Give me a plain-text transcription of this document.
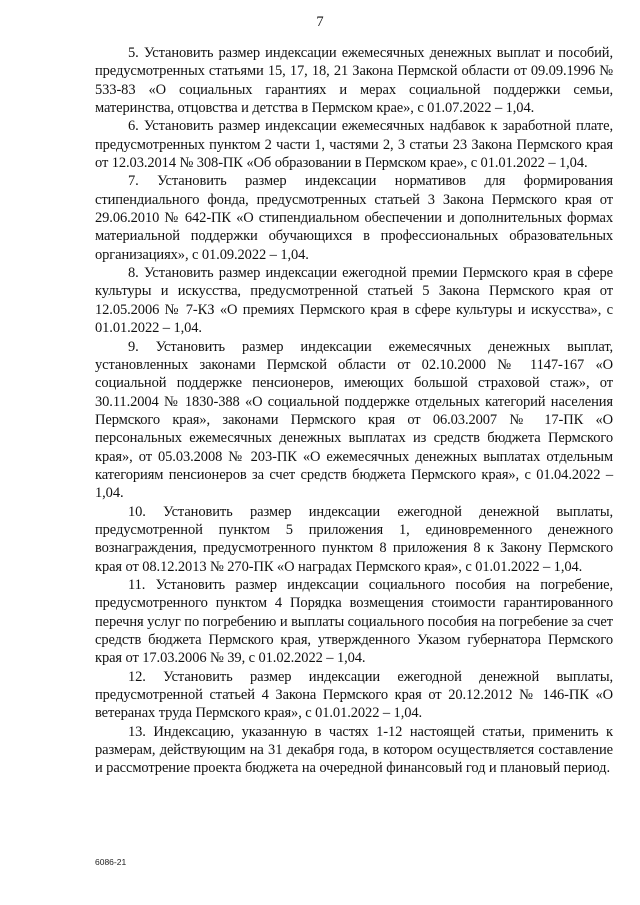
7

5. Установить размер индексации ежемесячных денежных выплат и пособий, предусмотренных статьями 15, 17, 18, 21 Закона Пермской области от 09.09.1996 № 533-83 «О социальных гарантиях и мерах социальной поддержки семьи, материнства, отцовства и детства в Пермском крае», с 01.07.2022 – 1,04.

6. Установить размер индексации ежемесячных надбавок к заработной плате, предусмотренных пунктом 2 части 1, частями 2, 3 статьи 23 Закона Пермского края от 12.03.2014 № 308-ПК «Об образовании в Пермском крае», с 01.01.2022 – 1,04.

7. Установить размер индексации нормативов для формирования стипендиального фонда, предусмотренных статьей 3 Закона Пермского края от 29.06.2010 № 642-ПК «О стипендиальном обеспечении и дополнительных формах материальной поддержки обучающихся в профессиональных образовательных организациях», с 01.09.2022 – 1,04.

8. Установить размер индексации ежегодной премии Пермского края в сфере культуры и искусства, предусмотренной статьей 5 Закона Пермского края от 12.05.2006 № 7-КЗ «О премиях Пермского края в сфере культуры и искусства», с 01.01.2022 – 1,04.

9. Установить размер индексации ежемесячных денежных выплат, установленных законами Пермской области от 02.10.2000 № 1147-167 «О социальной поддержке пенсионеров, имеющих большой страховой стаж», от 30.11.2004 № 1830-388 «О социальной поддержке отдельных категорий населения Пермского края», законами Пермского края от 06.03.2007 № 17-ПК «О персональных ежемесячных денежных выплатах из средств бюджета Пермского края», от 05.03.2008 № 203-ПК «О ежемесячных денежных выплатах отдельным категориям пенсионеров за счет средств бюджета Пермского края», с 01.04.2022 – 1,04.

10. Установить размер индексации ежегодной денежной выплаты, предусмотренной пунктом 5 приложения 1, единовременного денежного вознаграждения, предусмотренного пунктом 8 приложения 8 к Закону Пермского края от 08.12.2013 № 270-ПК «О наградах Пермского края», с 01.01.2022 – 1,04.

11. Установить размер индексации социального пособия на погребение, предусмотренного пунктом 4 Порядка возмещения стоимости гарантированного перечня услуг по погребению и выплаты социального пособия на погребение за счет средств бюджета Пермского края, утвержденного Указом губернатора Пермского края от 17.03.2006 № 39, с 01.02.2022 – 1,04.

12. Установить размер индексации ежегодной денежной выплаты, предусмотренной статьей 4 Закона Пермского края от 20.12.2012 № 146-ПК «О ветеранах труда Пермского края», с 01.01.2022 – 1,04.

13. Индексацию, указанную в частях 1-12 настоящей статьи, применить к размерам, действующим на 31 декабря года, в котором осуществляется составление и рассмотрение проекта бюджета на очередной финансовый год и плановый период.

6086-21
